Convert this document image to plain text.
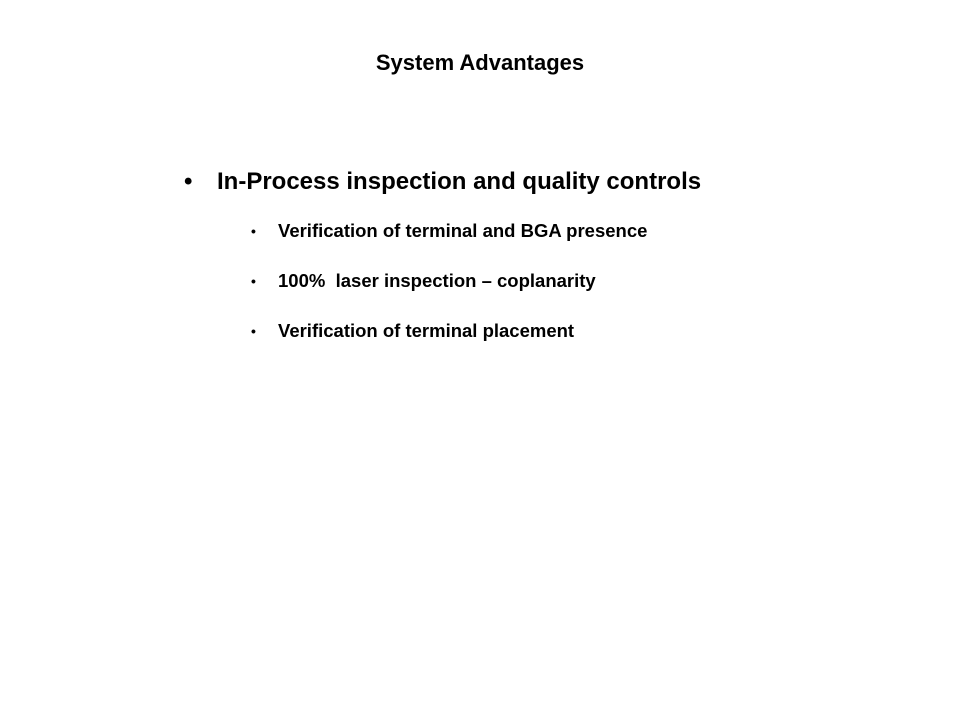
System Advantages
• In-Process inspection and quality controls
• Verification of terminal and BGA presence
• 100%  laser inspection – coplanarity
• Verification of terminal placement
